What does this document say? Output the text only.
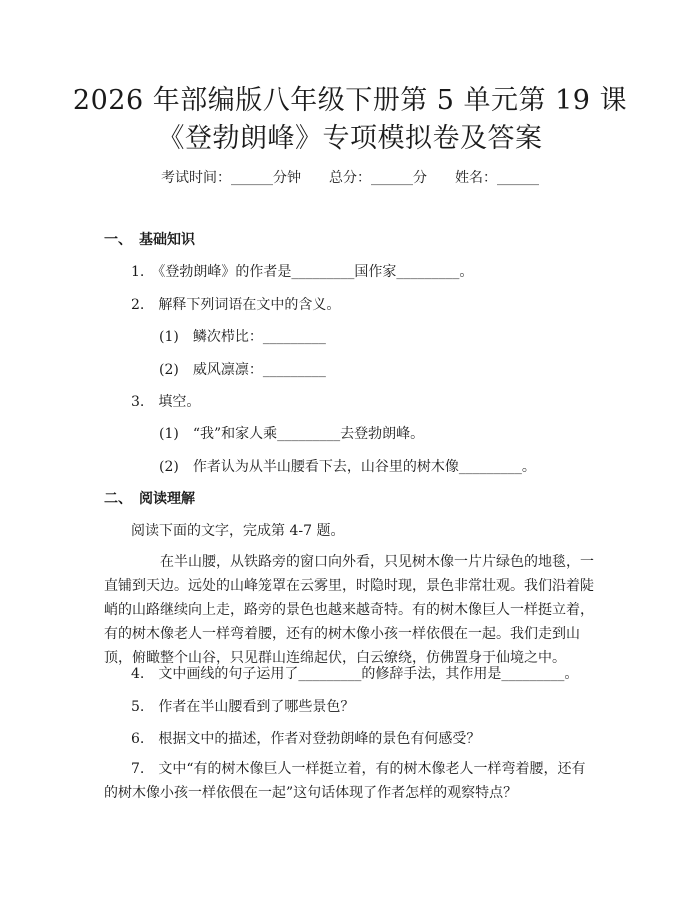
2026 年部编版八年级下册第 5 单元第 19 课
《登勃朗峰》专项模拟卷及答案
考试时间：______分钟　　总分：______分　　姓名：______
一、　基础知识
1.　《登勃朗峰》的作者是_________国作家_________。
2.　解释下列词语在文中的含义。
(1)　鳞次栉比：_________
(2)　威风凛凛：_________
3.　填空。
(1)　“我”和家人乘_________去登勃朗峰。
(2)　作者认为从半山腰看下去，山谷里的树木像_________。
二、　阅读理解
阅读下面的文字，完成第 4-7 题。
在半山腰，从铁路旁的窗口向外看，只见树木像一片片绿色的地毯，一直铺到天边。远处的山峰笼罩在云雾里，时隐时现，景色非常壮观。我们沿着陡峭的山路继续向上走，路旁的景色也越来越奇特。有的树木像巨人一样挺立着，有的树木像老人一样弯着腰，还有的树木像小孩一样依偎在一起。我们走到山顶，俯瞰整个山谷，只见群山连绵起伏，白云缭绕，仿佛置身于仙境之中。
4.　文中画线的句子运用了_________的修辞手法，其作用是_________。
5.　作者在半山腰看到了哪些景色？
6.　根据文中的描述，作者对登勃朗峰的景色有何感受？
7.　文中“有的树木像巨人一样挺立着，有的树木像老人一样弯着腰，还有的树木像小孩一样依偎在一起”这句话体现了作者怎样的观察特点？
